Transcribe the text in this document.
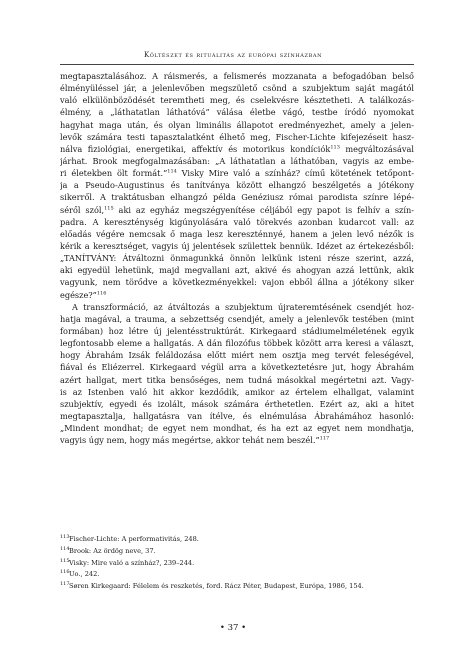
Költészet és rituálitás az európai színházban
megtapasztalásához. A ráismerés, a felismerés mozzanata a befogadóban belső
élményüléssel jár, a jelenlevőben megszülető csönd a szubjektum saját magától
való elkülönbözödését teremtheti meg, és cselekvésre késztetheti. A találkozás-
élmény, a „láthatatlan láthatóvá” válása életbe vágó, testbe íródó nyomokat
hagyhat maga után, és olyan liminális állapotot eredményezhet, amely a jelen-
levők számára testi tapasztalatként élhető meg, Fischer-Lichte kifejezéseit hasz-
nálva fiziológiai, energetikai, affektív és motorikus kondíciók$^{113}$ megváltozásával
járhat. Brook megfogalmazásában: „A láthatatlan a láthatóban, vagyis az embe-
ri életekben ölt formát.”$^{114}$ Visky Mire való a színház? című kötetének tetőpont-
ja a Pseudo-Augustinus és tanítványa között elhangzó beszélgetés a jótékony
sikerről. A traktátusban elhangzó példa Genéziusz római parodista színre lépé-
séről szól,$^{115}$ aki az egyház megszégyenítése céljából egy papot is felhív a szín-
padra. A kereszténység kigúnyolására való törekvés azonban kudarcot vall: az
előadás végére nemcsak ő maga lesz kereszténnyé, hanem a jelen levő nézők is
kérik a keresztséget, vagyis új jelentések születtek bennük. Idézet az értekezésből:
„TANÍTVÁNY: Átváltozni önmagunkká önnön lelkünk isteni része szerint, azzá,
aki egyedül lehetünk, majd megvallani azt, akivé és ahogyan azzá lettünk, akik
vagyunk, nem törődve a következményekkel: vajon ebből állna a jótékony siker
egésze?”$^{116}$
A transzformáció, az átváltozás a szubjektum újrateremtésének csendjét hoz-
hatja magával, a trauma, a sebzettség csendjét, amely a jelenlevők testében (mint
formában) hoz létre új jelentésstruktúrát. Kirkegaard stádiumelméletének egyik
legfontosabb eleme a hallgatás. A dán filozófus többek között arra keresi a választ,
hogy Ábrahám Izsák feláldozása előtt miért nem osztja meg tervét feleségével,
fiával és Eliézerrel. Kirkegaard végül arra a következtetésre jut, hogy Ábrahám
azért hallgat, mert titka bensőséges, nem tudná másokkal megértetni azt. Vagy-
is az Istenben való hit akkor kezdődik, amikor az értelem elhallgat, valamint
szubjektív, egyedi és izolált, mások számára érthetetlen. Ezért az, aki a hitet
megtapasztalja, hallgatásra van ítélve, és elnémulása Ábrahámához hasonló:
„Mindent mondhat; de egyet nem mondhat, és ha ezt az egyet nem mondhatja,
vagyis úgy nem, hogy más megértse, akkor tehát nem beszél.”$^{117}$
113 Fischer-Lichte: A performativitás, 248.
114 Brook: Az ördög neve, 37.
115 Visky: Mire való a színház?, 239–244.
116 Uo., 242.
117 Søren Kirkegaard: Félelem és reszketés, ford. Rácz Péter, Budapest, Európa, 1986, 154.
• 37 •
